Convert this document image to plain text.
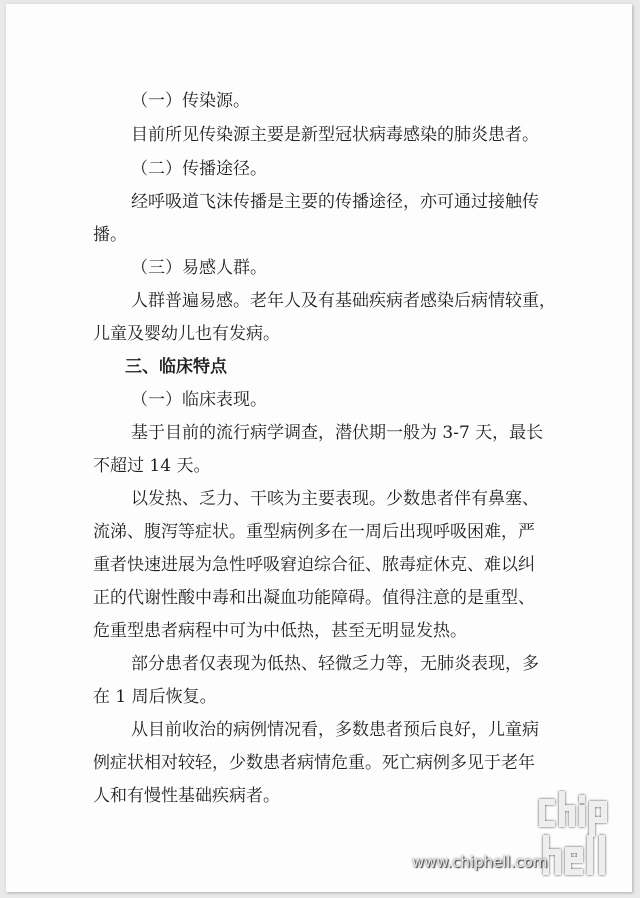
（一）传染源。
目前所见传染源主要是新型冠状病毒感染的肺炎患者。
（二）传播途径。
经呼吸道飞沫传播是主要的传播途径，亦可通过接触传
播。
（三）易感人群。
人群普遍易感。老年人及有基础疾病者感染后病情较重，
儿童及婴幼儿也有发病。
三、临床特点
（一）临床表现。
基于目前的流行病学调查，潜伏期一般为 3-7 天，最长
不超过 14 天。
以发热、乏力、干咳为主要表现。少数患者伴有鼻塞、
流涕、腹泻等症状。重型病例多在一周后出现呼吸困难，严
重者快速进展为急性呼吸窘迫综合征、脓毒症休克、难以纠
正的代谢性酸中毒和出凝血功能障碍。值得注意的是重型、
危重型患者病程中可为中低热，甚至无明显发热。
部分患者仅表现为低热、轻微乏力等，无肺炎表现，多
在 1 周后恢复。
从目前收治的病例情况看，多数患者预后良好，儿童病
例症状相对较轻，少数患者病情危重。死亡病例多见于老年
人和有慢性基础疾病者。
www.chiphell.com
